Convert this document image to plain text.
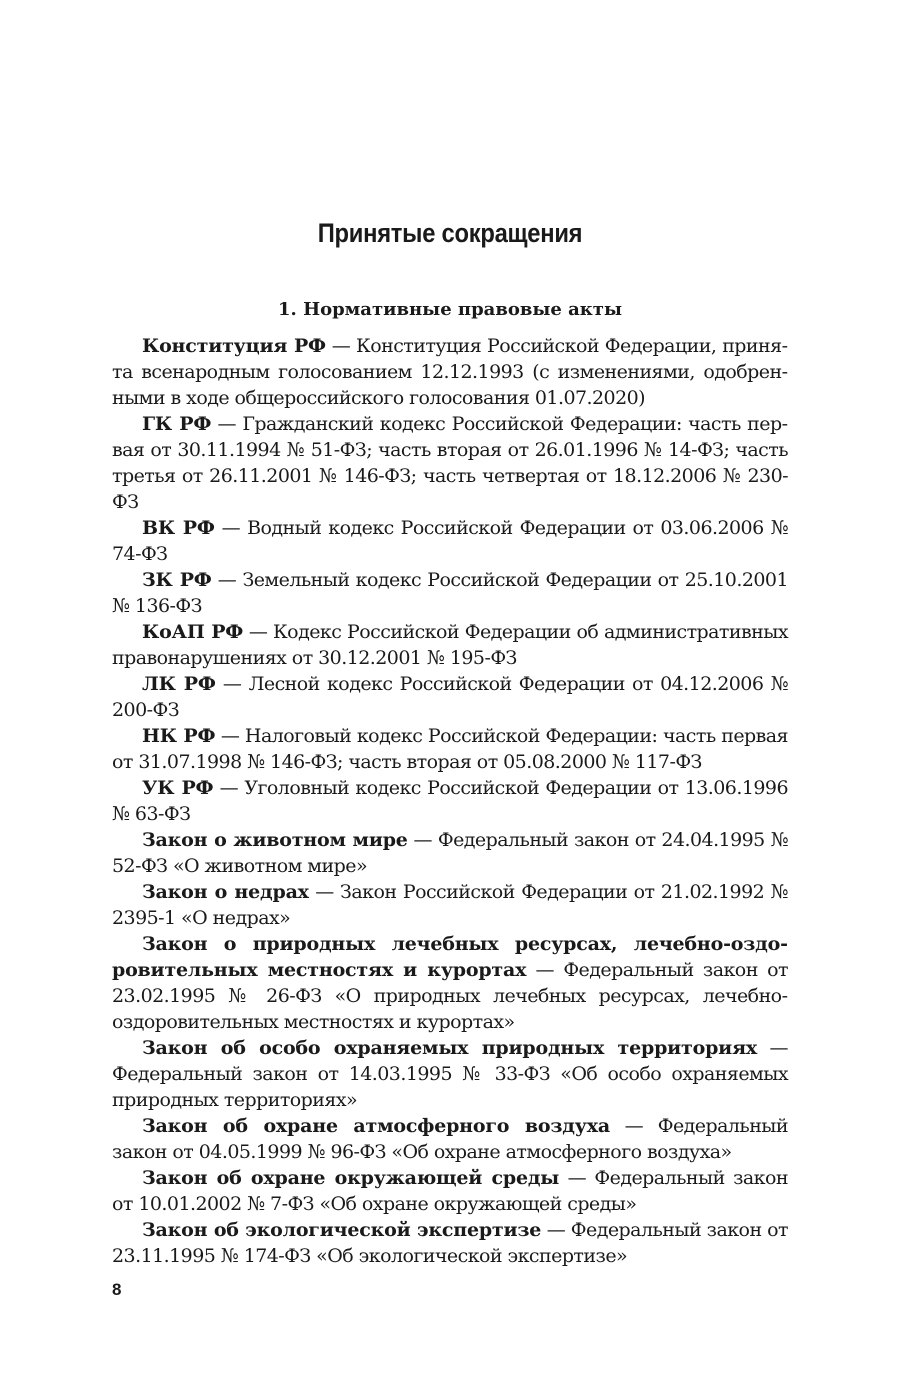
Принятые сокращения
1. Нормативные правовые акты

Конституция РФ — Конституция Российской Федерации, принята всенародным голосованием 12.12.1993 (с изменениями, одобренными в ходе общероссийского голосования 01.07.2020)

ГК РФ — Гражданский кодекс Российской Федерации: часть первая от 30.11.1994 № 51-ФЗ; часть вторая от 26.01.1996 № 14-ФЗ; часть третья от 26.11.2001 № 146-ФЗ; часть четвертая от 18.12.2006 № 230-ФЗ

ВК РФ — Водный кодекс Российской Федерации от 03.06.2006 № 74-ФЗ

ЗК РФ — Земельный кодекс Российской Федерации от 25.10.2001 № 136-ФЗ

КоАП РФ — Кодекс Российской Федерации об административных правонарушениях от 30.12.2001 № 195-ФЗ

ЛК РФ — Лесной кодекс Российской Федерации от 04.12.2006 № 200-ФЗ

НК РФ — Налоговый кодекс Российской Федерации: часть первая от 31.07.1998 № 146-ФЗ; часть вторая от 05.08.2000 № 117-ФЗ

УК РФ — Уголовный кодекс Российской Федерации от 13.06.1996 № 63-ФЗ

Закон о животном мире — Федеральный закон от 24.04.1995 № 52-ФЗ «О животном мире»

Закон о недрах — Закон Российской Федерации от 21.02.1992 № 2395-1 «О недрах»

Закон о природных лечебных ресурсах, лечебно-оздоровительных местностях и курортах — Федеральный закон от 23.02.1995 № 26-ФЗ «О природных лечебных ресурсах, лечебнооздоровительных местностях и курортах»

Закон об особо охраняемых природных территориях — Федеральный закон от 14.03.1995 № 33-ФЗ «Об особо охраняемых природных территориях»

Закон об охране атмосферного воздуха — Федеральный закон от 04.05.1999 № 96-ФЗ «Об охране атмосферного воздуха»

Закон об охране окружающей среды — Федеральный закон от 10.01.2002 № 7-ФЗ «Об охране окружающей среды»

Закон об экологической экспертизе — Федеральный закон от 23.11.1995 № 174-ФЗ «Об экологической экспертизе»

8
